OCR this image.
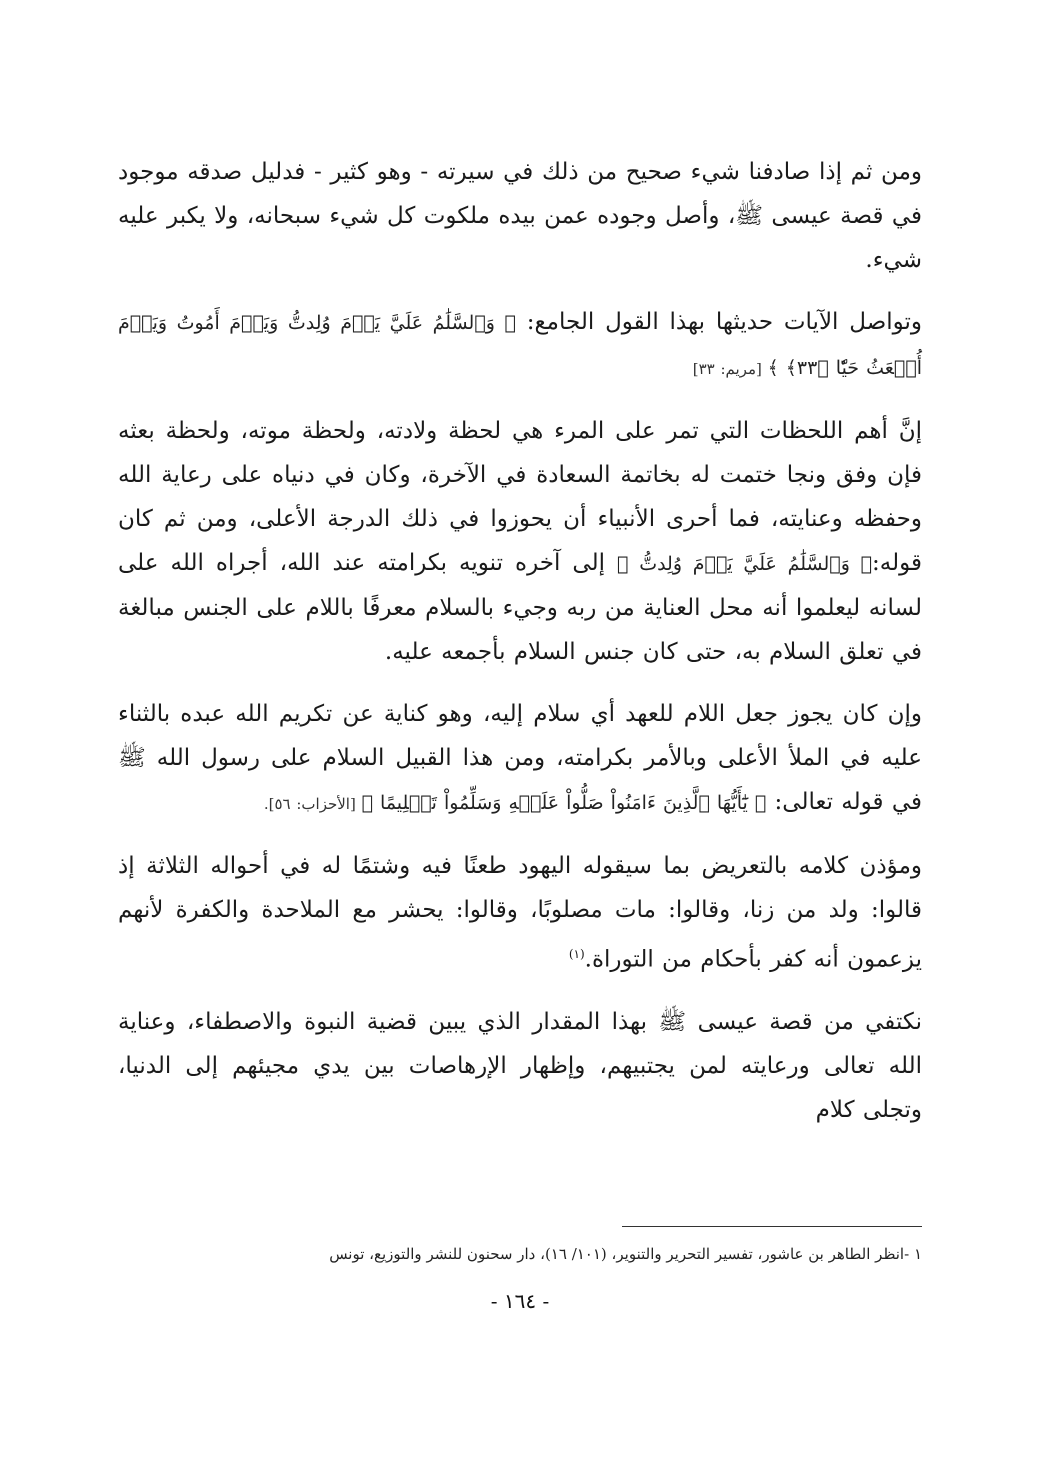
ومن ثم إذا صادفنا شيء صحيح من ذلك في سيرته - وهو كثير - فدليل صدقه موجود في قصة عيسى ﷺ، وأصل وجوده عمن بيده ملكوت كل شيء سبحانه، ولا يكبر عليه شيء.

وتواصل الآيات حديثها بهذا القول الجامع: ﴿ وَٱلسَّلَٰمُ عَلَيَّ يَوۡمَ وُلِدتُّ وَيَوۡمَ أَمُوتُ وَيَوۡمَ أُبۡعَثُ حَيّٗا ﴿٣٣﴾ ﴾ [مريم: ٣٣]

إنَّ أهم اللحظات التي تمر على المرء هي لحظة ولادته، ولحظة موته، ولحظة بعثه فإن وفق ونجا ختمت له بخاتمة السعادة في الآخرة، وكان في دنياه على رعاية الله وحفظه وعنايته، فما أحرى الأنبياء أن يحوزوا في ذلك الدرجة الأعلى، ومن ثم كان قوله:﴿ وَٱلسَّلَٰمُ عَلَيَّ يَوۡمَ وُلِدتُّ ﴾ إلى آخره تنويه بكرامته عند الله، أجراه الله على لسانه ليعلموا أنه محل العناية من ربه وجيء بالسلام معرفًا باللام على الجنس مبالغة في تعلق السلام به، حتى كان جنس السلام بأجمعه عليه.

وإن كان يجوز جعل اللام للعهد أي سلام إليه، وهو كناية عن تكريم الله عبده بالثناء عليه في الملأ الأعلى وبالأمر بكرامته، ومن هذا القبيل السلام على رسول الله ﷺ في قوله تعالى: ﴿ يَٰٓأَيُّهَا ٱلَّذِينَ ءَامَنُواْ صَلُّواْ عَلَيۡهِ وَسَلِّمُواْ تَسۡلِيمًا ﴾ [الأحزاب: ٥٦].

ومؤذن كلامه بالتعريض بما سيقوله اليهود طعنًا فيه وشتمًا له في أحواله الثلاثة إذ قالوا: ولد من زنا، وقالوا: مات مصلوبًا، وقالوا: يحشر مع الملاحدة والكفرة لأنهم يزعمون أنه كفر بأحكام من التوراة.$^{(١)}$

نكتفي من قصة عيسى ﷺ بهذا المقدار الذي يبين قضية النبوة والاصطفاء، وعناية الله تعالى ورعايته لمن يجتبيهم، وإظهار الإرهاصات بين يدي مجيئهم إلى الدنيا، وتجلى كلام

١ -انظر الطاهر بن عاشور، تفسير التحرير والتنوير، (١٠١/ ١٦)، دار سحنون للنشر والتوزيع، تونس
- ١٦٤ -
